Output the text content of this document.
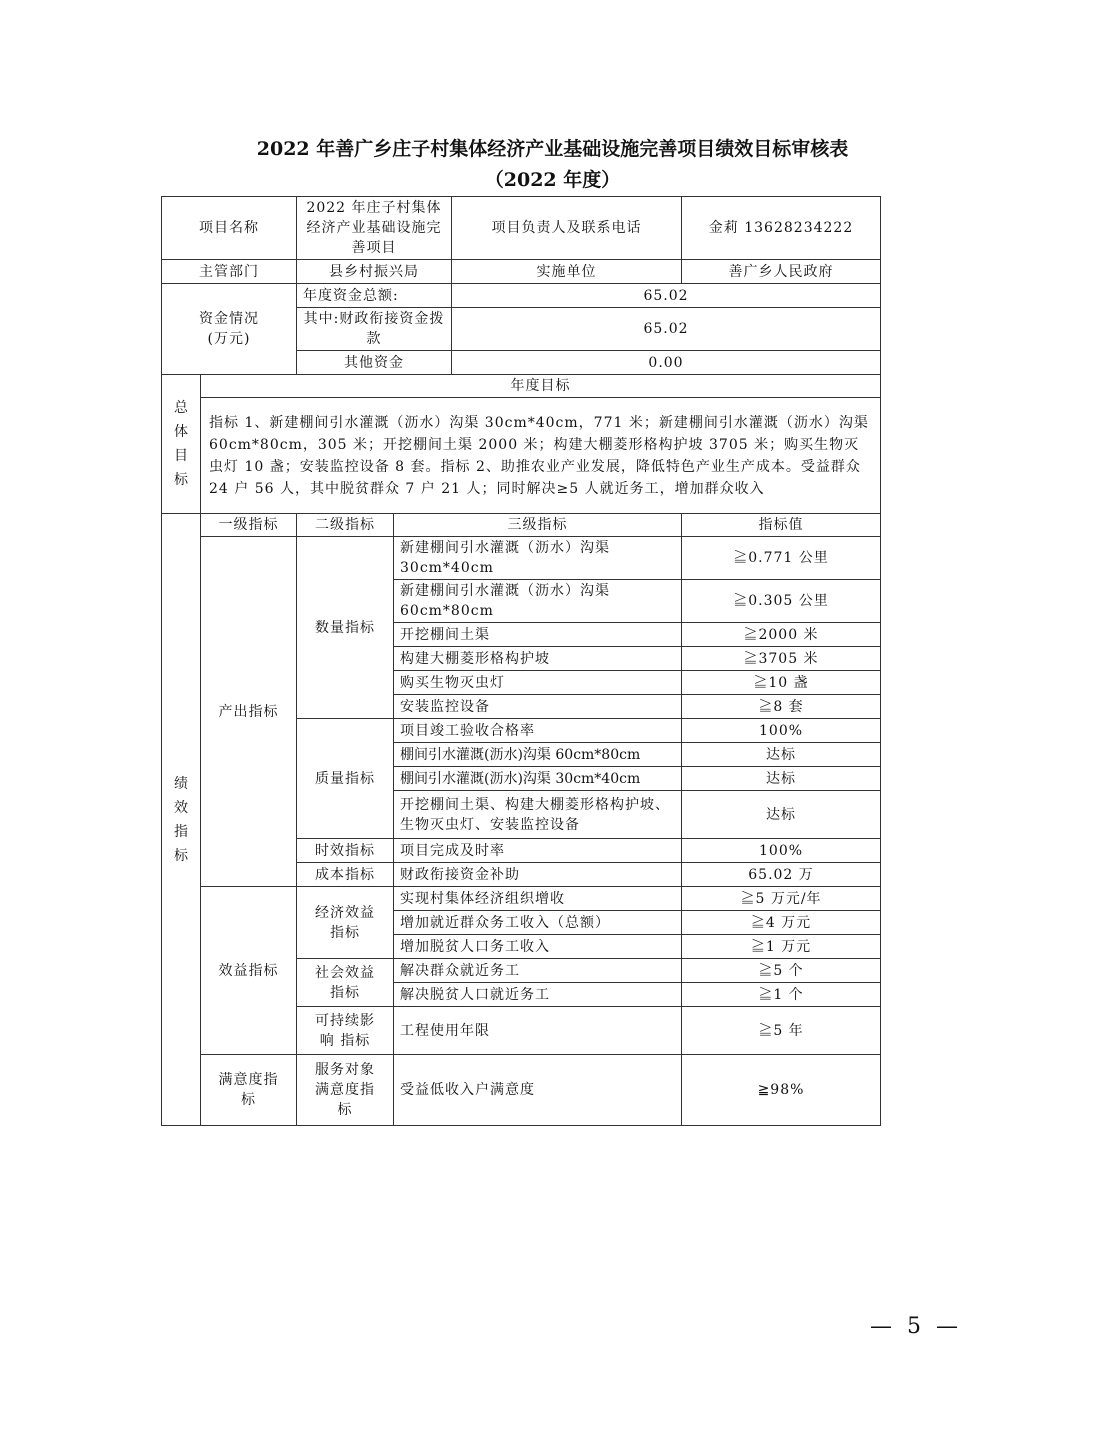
2022 年善广乡庄子村集体经济产业基础设施完善项目绩效目标审核表
（2022 年度）
项目名称		2022 年庄子村集体经济产业基础设施完善项目		项目负责人及联系电话	金莉 13628234222
主管部门		县乡村振兴局		实施单位	善广乡人民政府
资金情况(万元)		年度资金总额:		65.02	
		其中:财政衔接资金拨款		65.02	
		其他资金		0.00	
总体目标	年度目标				
	指标 1、新建棚间引水灌溉（沥水）沟渠 30cm*40cm，771 米；新建棚间引水灌溉（沥水）沟渠 60cm*80cm，305 米；开挖棚间土渠 2000 米；构建大棚菱形格构护坡 3705 米；购买生物灭虫灯 10 盏；安装监控设备 8 套。指标 2、助推农业产业发展，降低特色产业生产成本。受益群众 24 户 56 人，其中脱贫群众 7 户 21 人；同时解决≥5 人就近务工，增加群众收入				
绩效指标	一级指标	二级指标	三级指标		指标值
	产出指标	数量指标	新建棚间引水灌溉（沥水）沟渠 30cm*40cm		≧0.771 公里
			新建棚间引水灌溉（沥水）沟渠 60cm*80cm		≧0.305 公里
			开挖棚间土渠		≧2000 米
			构建大棚菱形格构护坡		≧3705 米
			购买生物灭虫灯		≧10 盏
			安装监控设备		≧8 套
		质量指标	项目竣工验收合格率		100%
			棚间引水灌溉(沥水)沟渠 60cm*80cm		达标
			棚间引水灌溉(沥水)沟渠 30cm*40cm		达标
			开挖棚间土渠、构建大棚菱形格构护坡、生物灭虫灯、安装监控设备		达标
		时效指标	项目完成及时率		100%
		成本指标	财政衔接资金补助		65.02 万
	效益指标	经济效益指标	实现村集体经济组织增收		≧5 万元/年
			增加就近群众务工收入（总额）		≧4 万元
			增加脱贫人口务工收入		≧1 万元
		社会效益指标	解决群众就近务工		≧5 个
			解决脱贫人口就近务工		≧1 个
		可持续影响 指标	工程使用年限		≧5 年
	满意度指标	服务对象满意度指标	受益低收入户满意度		≧98%
— 5 —
